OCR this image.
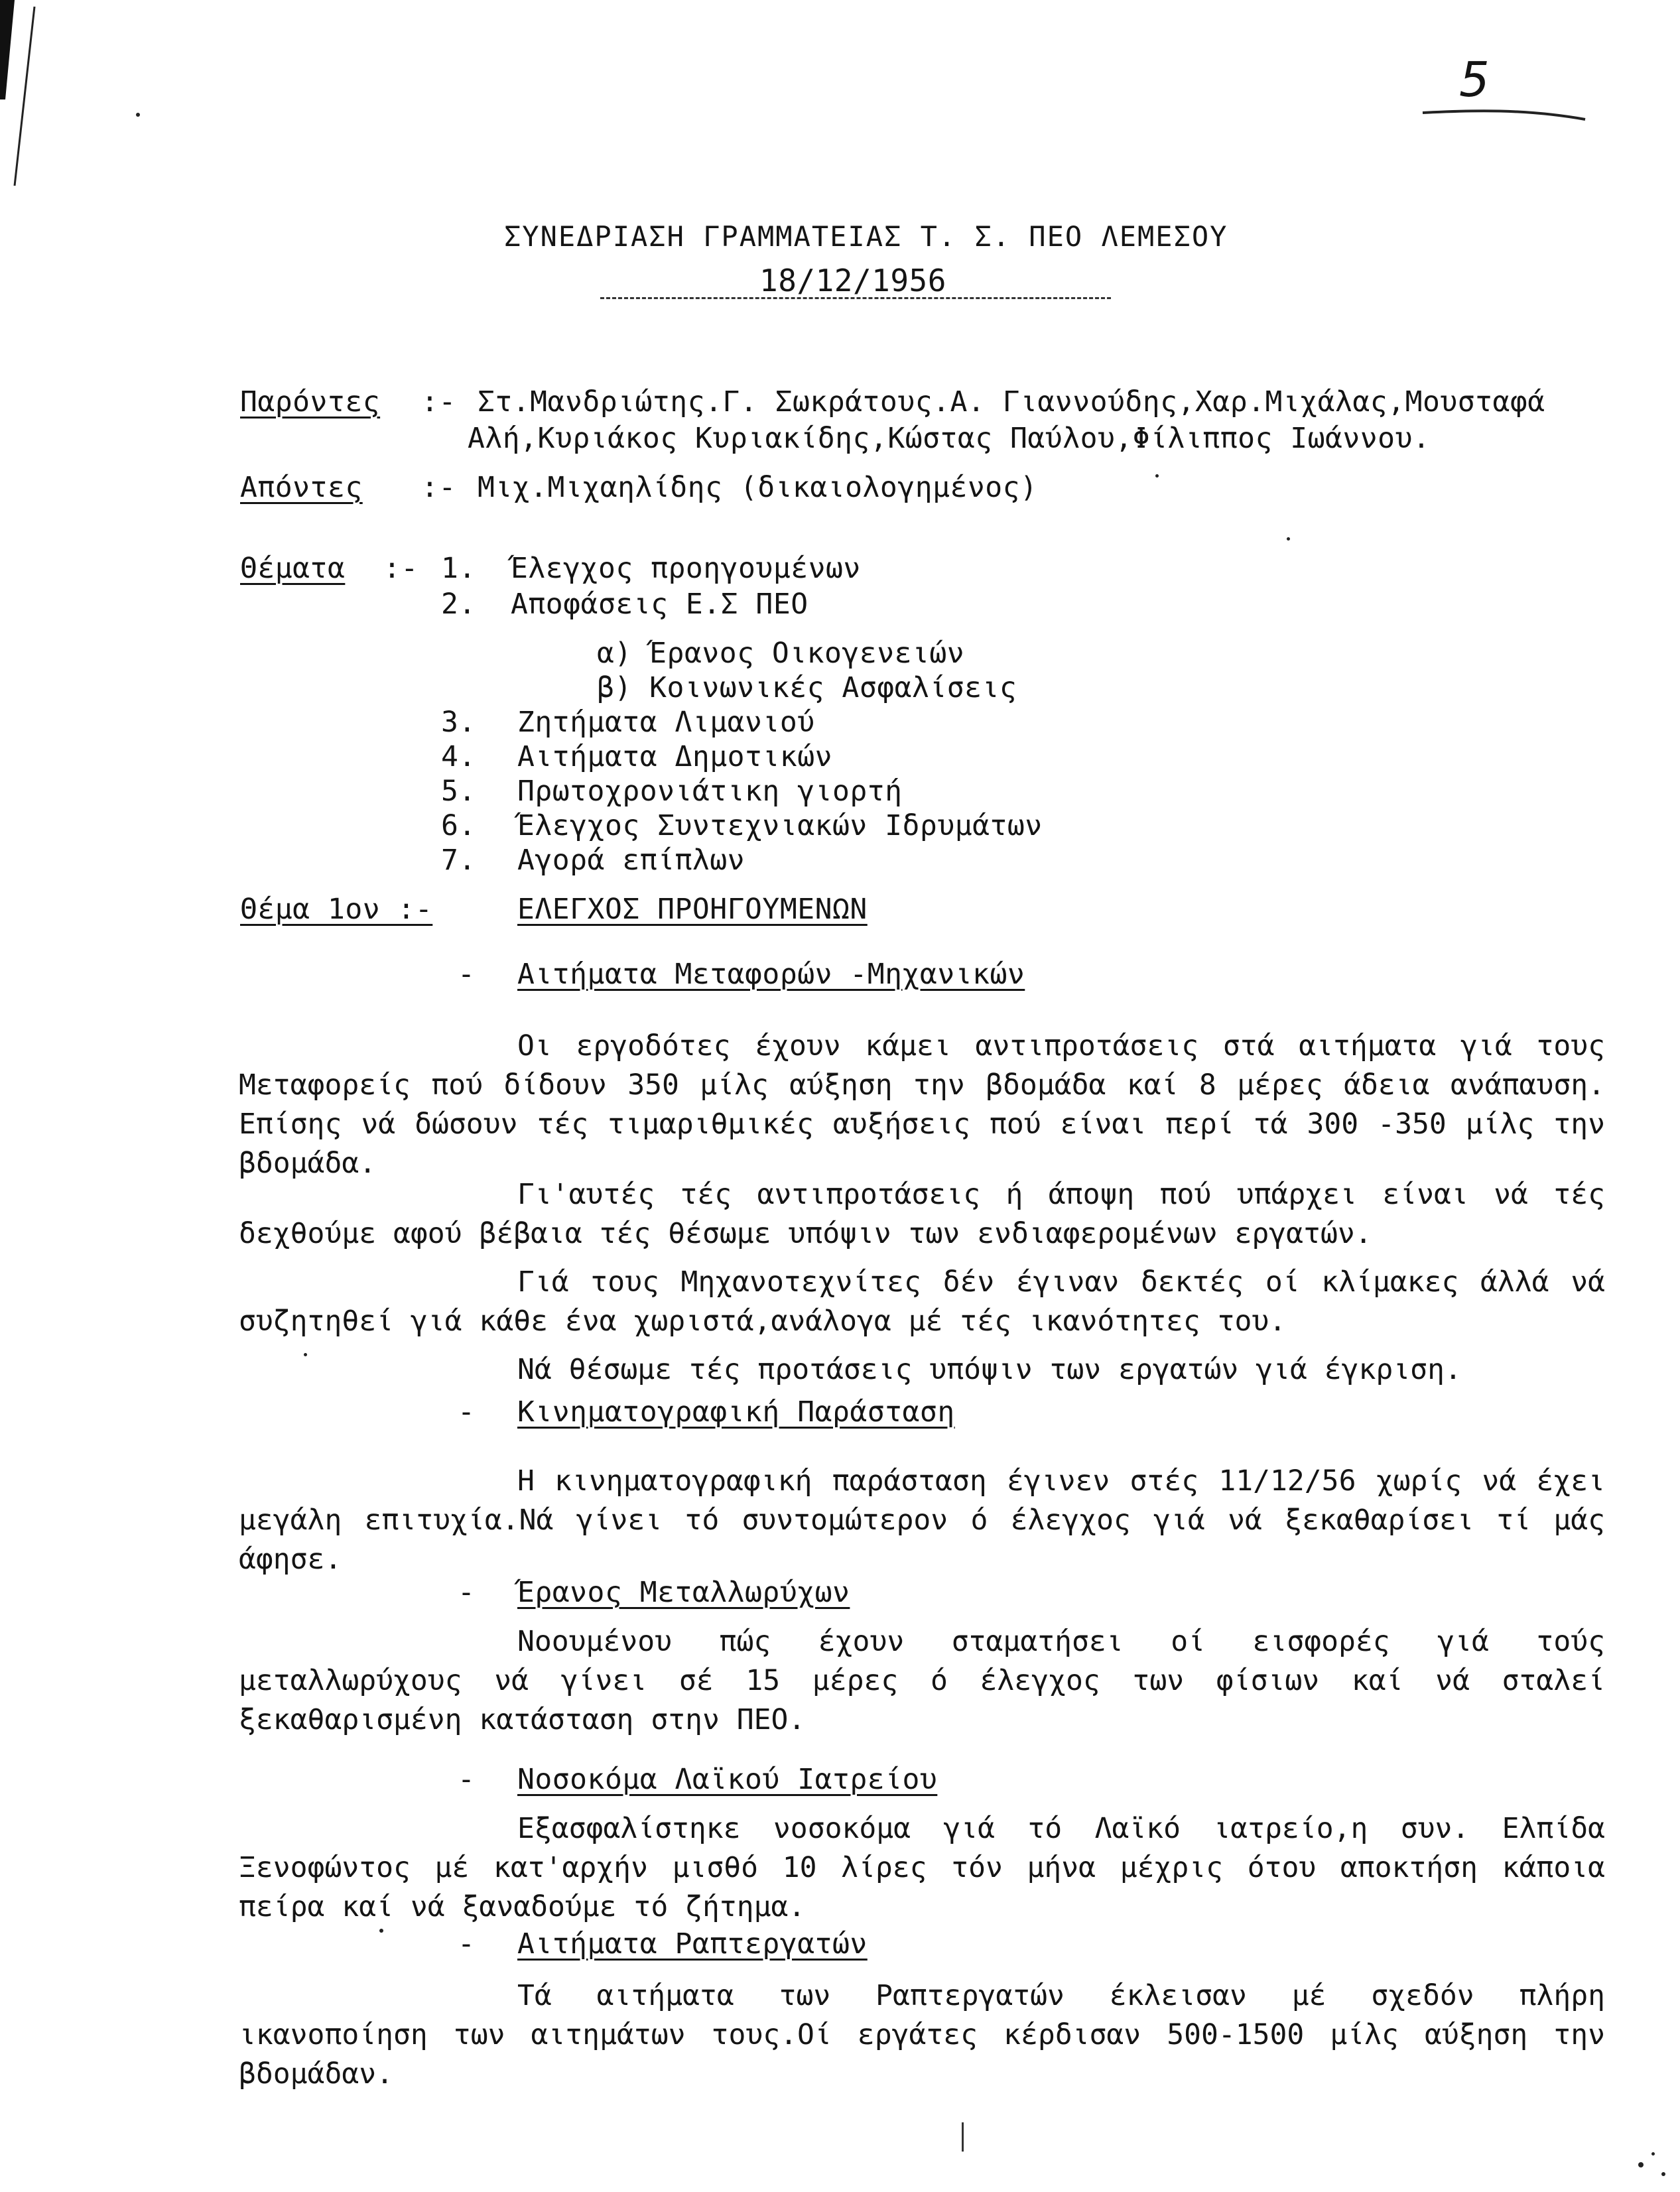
5
ΣΥΝΕΔΡΙΑΣΗ ΓΡΑΜΜΑΤΕΙΑΣ Τ. Σ. ΠΕΟ ΛΕΜΕΣΟΥ
18/12/1956
Παρόντες :- Στ.Μανδριώτης.Γ. Σωκράτους.Α. Γιαννούδης,Χαρ.Μιχάλας,Μουσταφά
Αλή,Κυριάκος Κυριακίδης,Κώστας Παύλου,Φίλιππος Ιωάννου.
Απόντες :- Μιχ.Μιχαηλίδης (δικαιολογημένος)
Θέματα :- 1. Έλεγχος προηγουμένων
2. Αποφάσεις Ε.Σ ΠΕΟ
α) Έρανος Οικογενειών
β) Κοινωνικές Ασφαλίσεις
3. Ζητήματα Λιμανιού
4. Αιτήματα Δημοτικών
5. Πρωτοχρονιάτικη γιορτή
6. Έλεγχος Συντεχνιακών Ιδρυμάτων
7. Αγορά επίπλων
Θέμα 1ον :-	ΕΛΕΓΧΟΣ ΠΡΟΗΓΟΥΜΕΝΩΝ
- Αιτήματα Μεταφορών -Μηχανικών
Οι εργοδότες έχουν κάμει αντιπροτάσεις στά αιτήματα γιά τους Μεταφορείς πού δίδουν 350 μίλς αύξηση την βδομάδα καί 8 μέρες άδεια ανάπαυση. Επίσης νά δώσουν τές τιμαριθμικές αυξήσεις πού είναι περί τά 300 -350 μίλς την βδομάδα.
Γι'αυτές τές αντιπροτάσεις ή άποψη πού υπάρχει είναι νά τές δεχθούμε αφού βέβαια τές θέσωμε υπόψιν των ενδιαφερομένων εργατών.
Γιά τους Μηχανοτεχνίτες δέν έγιναν δεκτές οί κλίμακες άλλά νά συζητηθεί γιά κάθε ένα χωριστά,ανάλογα μέ τές ικανότητες του.
Νά θέσωμε τές προτάσεις υπόψιν των εργατών γιά έγκριση.
- Κινηματογραφική Παράσταση
Η κινηματογραφική παράσταση έγινεν στές 11/12/56 χωρίς νά έχει μεγάλη επιτυχία.Νά γίνει τό συντομώτερον ό έλεγχος γιά νά ξεκαθαρίσει τί μάς άφησε.
- Έρανος Μεταλλωρύχων
Νοουμένου πώς έχουν σταματήσει οί εισφορές γιά τούς μεταλλωρύχους νά γίνει σέ 15 μέρες ό έλεγχος των φίσιων καί νά σταλεί ξεκαθαρισμένη κατάσταση στην ΠΕΟ.
- Νοσοκόμα Λαϊκού Ιατρείου
Εξασφαλίστηκε νοσοκόμα γιά τό Λαϊκό ιατρείο,η συν. Ελπίδα Ξενοφώντος μέ κατ'αρχήν μισθό 10 λίρες τόν μήνα μέχρις ότου αποκτήση κάποια πείρα καί νά ξαναδούμε τό ζήτημα.
- Αιτήματα Ραπτεργατών
Τά αιτήματα των Ραπτεργατών έκλεισαν μέ σχεδόν πλήρη ικανοποίηση των αιτημάτων τους.Οί εργάτες κέρδισαν 500-1500 μίλς αύξηση την βδομάδαν.
